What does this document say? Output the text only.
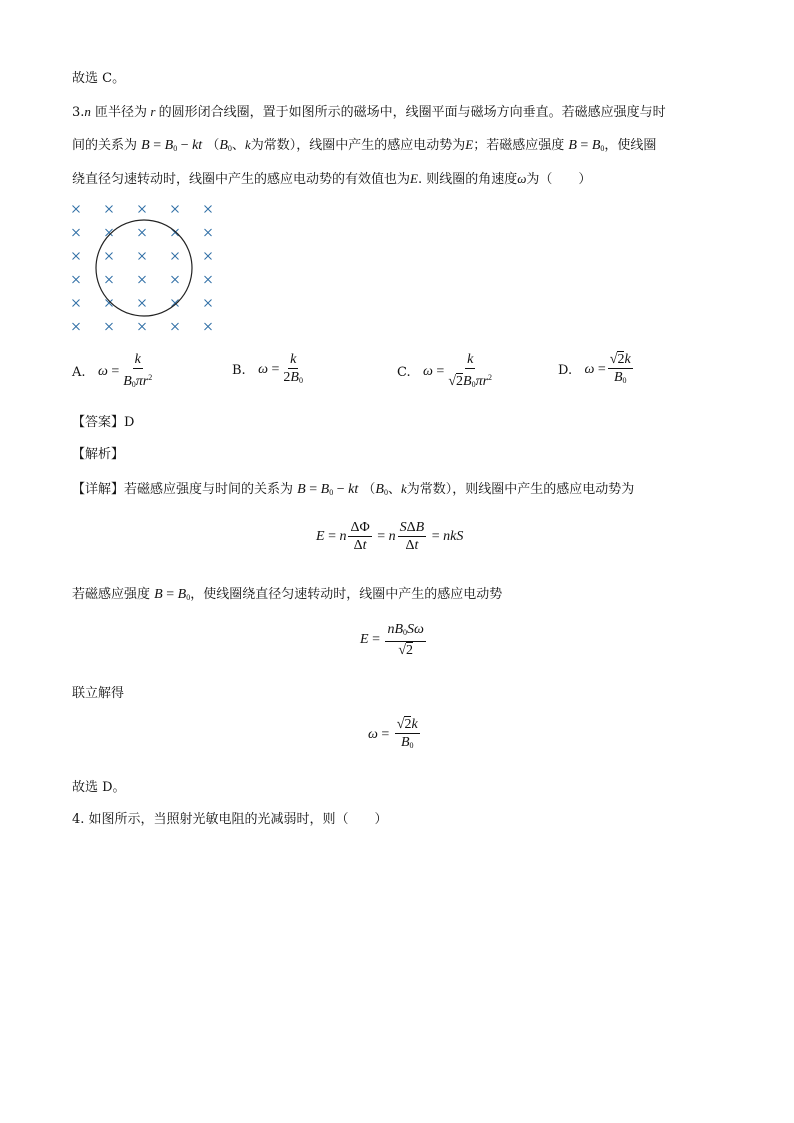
故选 C。
3.n 匝半径为 r 的圆形闭合线圈，置于如图所示的磁场中，线圈平面与磁场方向垂直。若磁感应强度与时
间的关系为 $B = B_0$ − kt （$B_0$、k为常数），线圈中产生的感应电动势为E；若磁感应强度 $B = B_0$，使线圈
绕直径匀速转动时，线圈中产生的感应电动势的有效值也为E. 则线圈的角速度ω为（　　）
A.
$\omega = \frac{k}{B_0\pi r^2}$	B.
$\omega = \frac{k}{2B_0}$	C.
$\omega = \frac{k}{√2B_0\pi r^2}$	D.
$\omega = \frac{√2k}{B_0}$
【答案】D
【解析】
【详解】若磁感应强度与时间的关系为 $B = B_0$ − kt （$B_0$、k为常数），则线圈中产生的感应电动势为
E = n $\frac{\Delta\Phi}{\Delta t} = n \frac{\text{SΔB}}{\Delta t}$ = nkS
若磁感应强度 $B = B_0$，使线圈绕直径匀速转动时，线圈中产生的感应电动势
$E = \frac{nB_0S\omega}{√2}$
联立解得
$\omega = \frac{√2k}{B_0}$
故选 D。
4. 如图所示，当照射光敏电阻的光减弱时，则（　　）
